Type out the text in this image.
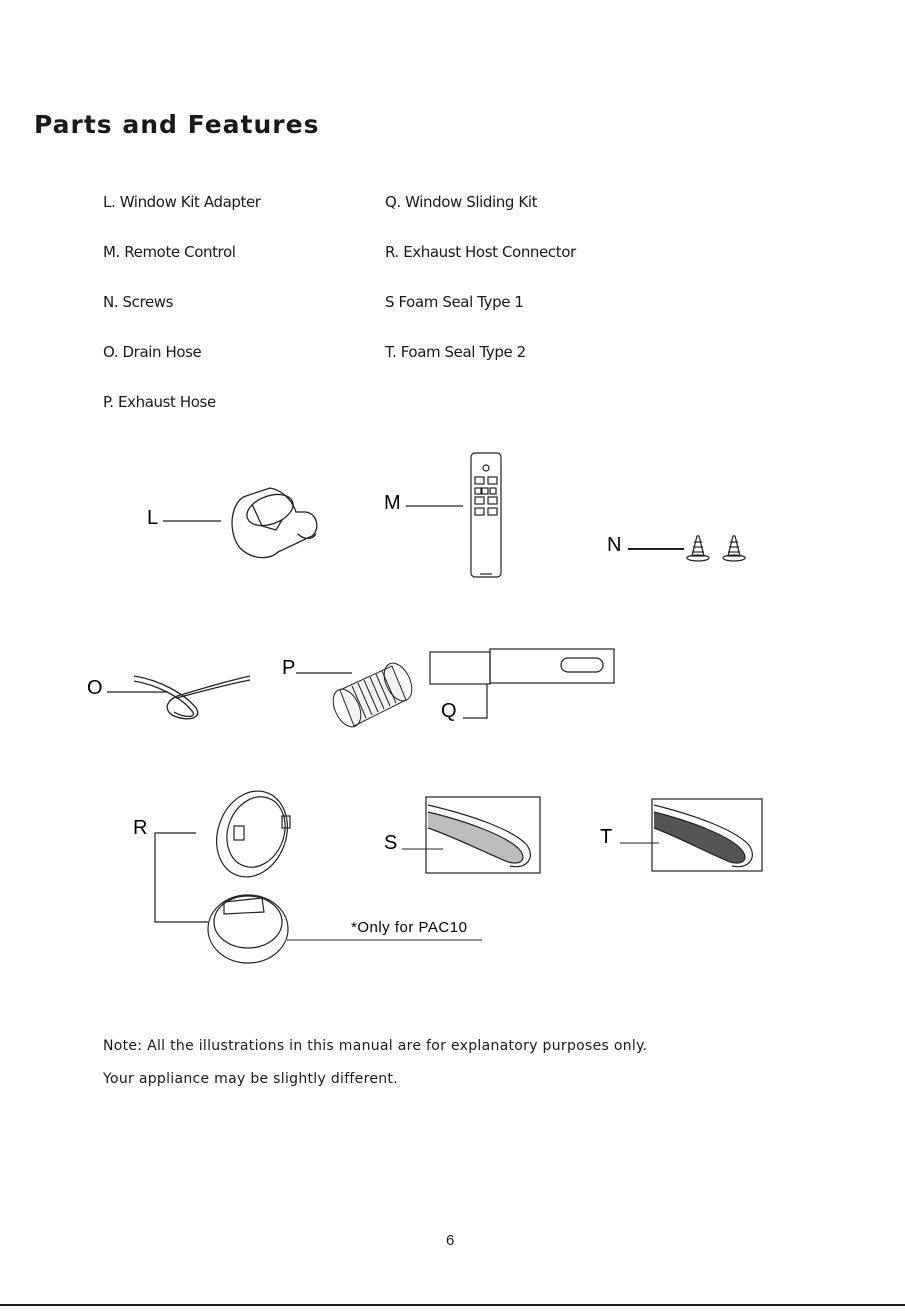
Parts and Features
L. Window Kit Adapter
M. Remote Control
N. Screws
O. Drain Hose
P. Exhaust Hose
Q. Window Sliding Kit
R. Exhaust Host Connector
S Foam Seal Type 1
T. Foam Seal Type 2
L
M
N
O
P
Q
R
*Only for PAC10
S	T
Note: All the illustrations in this manual are for explanatory purposes only.
Your appliance may be slightly different.
6
